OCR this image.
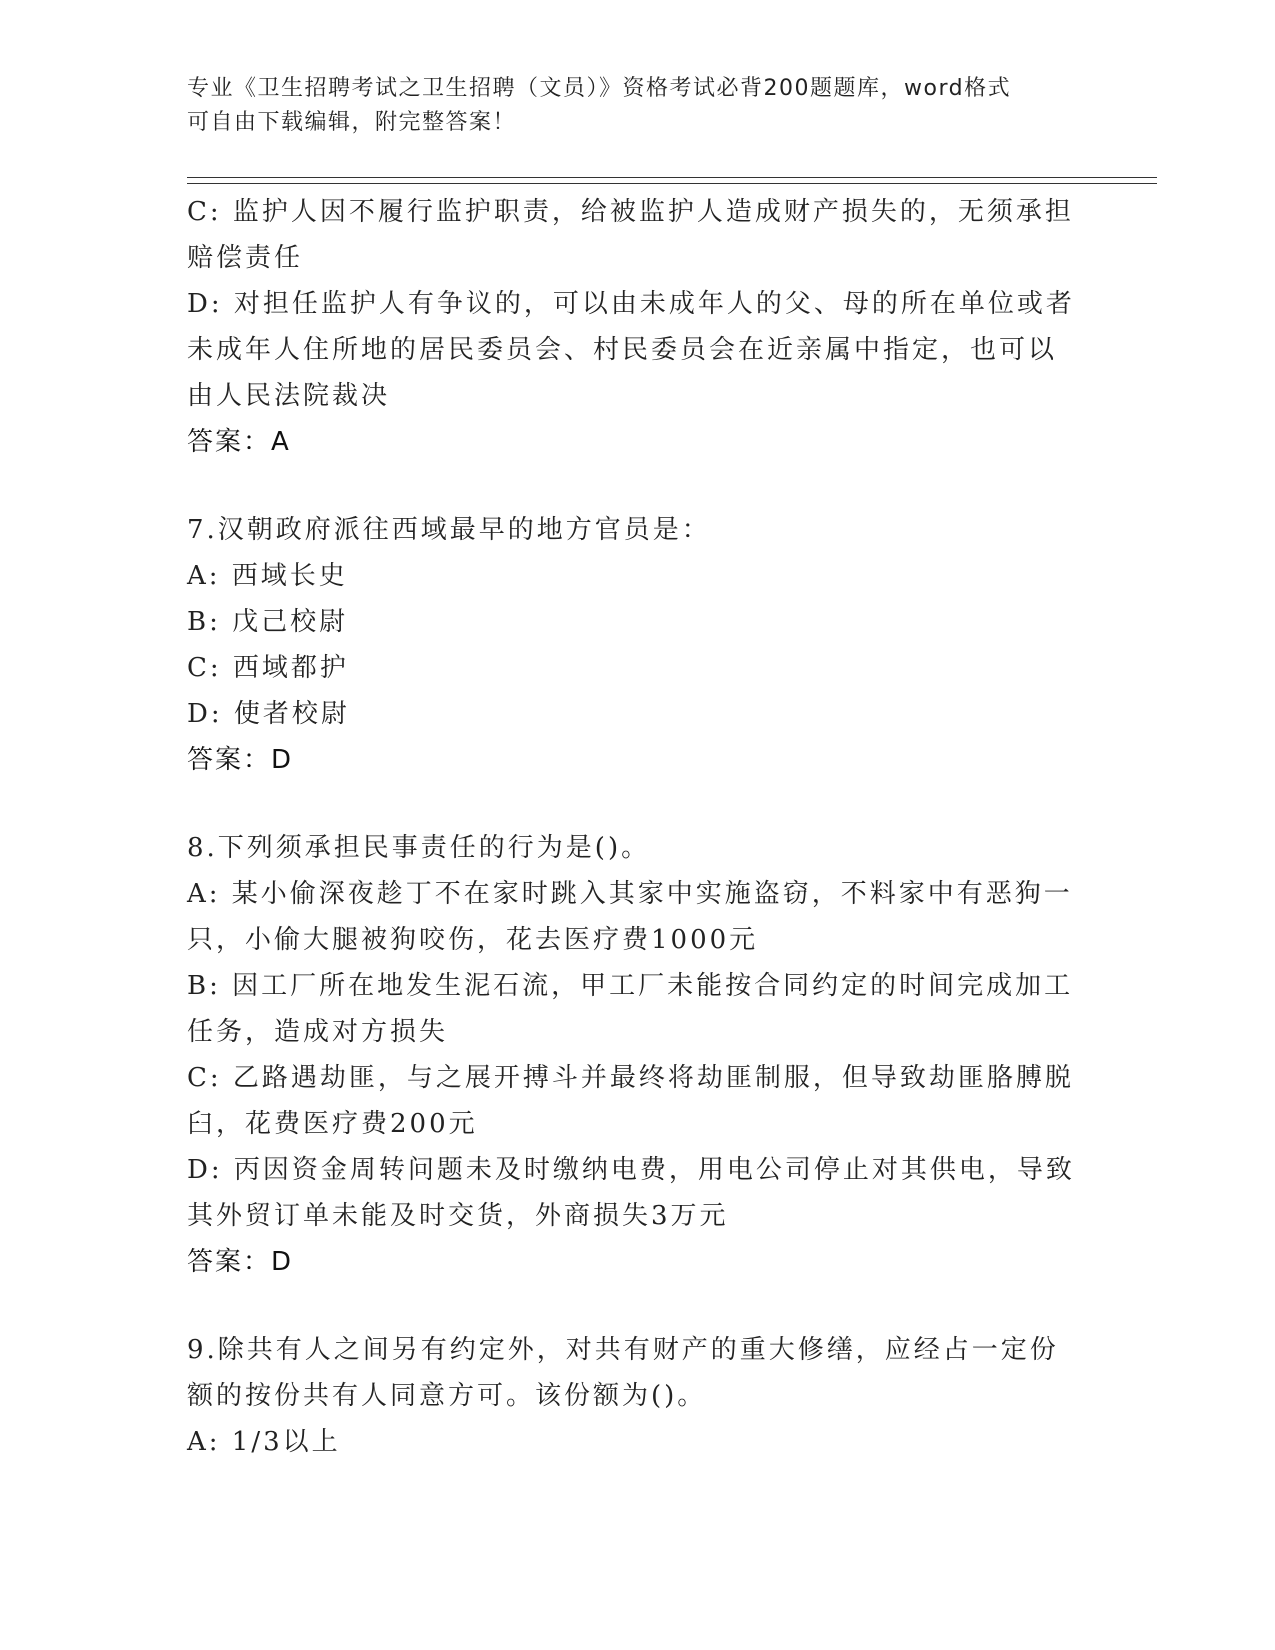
专业《卫生招聘考试之卫生招聘（文员）》资格考试必背200题题库，word格式
可自由下载编辑，附完整答案！
C: 监护人因不履行监护职责，给被监护人造成财产损失的，无须承担
赔偿责任
D: 对担任监护人有争议的，可以由未成年人的父、母的所在单位或者
未成年人住所地的居民委员会、村民委员会在近亲属中指定，也可以
由人民法院裁决
答案：A
7.汉朝政府派往西域最早的地方官员是：
A: 西域长史
B: 戊己校尉
C: 西域都护
D: 使者校尉
答案：D
8.下列须承担民事责任的行为是()。
A: 某小偷深夜趁丁不在家时跳入其家中实施盗窃，不料家中有恶狗一
只，小偷大腿被狗咬伤，花去医疗费1000元
B: 因工厂所在地发生泥石流，甲工厂未能按合同约定的时间完成加工
任务，造成对方损失
C: 乙路遇劫匪，与之展开搏斗并最终将劫匪制服，但导致劫匪胳膊脱
臼，花费医疗费200元
D: 丙因资金周转问题未及时缴纳电费，用电公司停止对其供电，导致
其外贸订单未能及时交货，外商损失3万元
答案：D
9.除共有人之间另有约定外，对共有财产的重大修缮，应经占一定份
额的按份共有人同意方可。该份额为()。
A: 1/3以上
